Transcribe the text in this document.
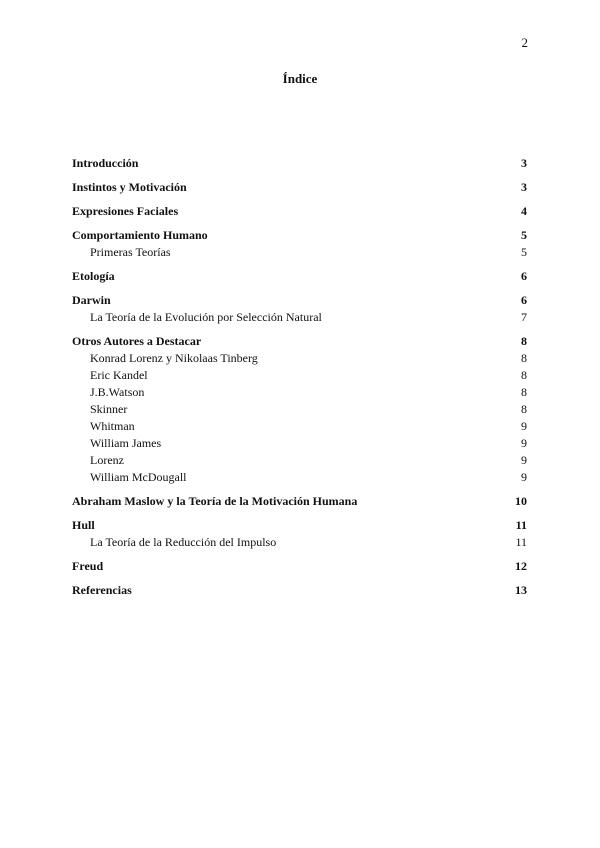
2
Índice
Introducción	3
Instintos y Motivación	3
Expresiones Faciales	4
Comportamiento Humano	5
Primeras Teorías	5
Etología	6
Darwin	6
La Teoría de la Evolución por Selección Natural	7
Otros Autores a Destacar	8
Konrad Lorenz y Nikolaas Tinberg	8
Eric Kandel	8
J.B.Watson	8
Skinner	8
Whitman	9
William James	9
Lorenz	9
William McDougall	9
Abraham Maslow y la Teoría de la Motivación Humana	10
Hull	11
La Teoría de la Reducción del Impulso	11
Freud	12
Referencias	13
